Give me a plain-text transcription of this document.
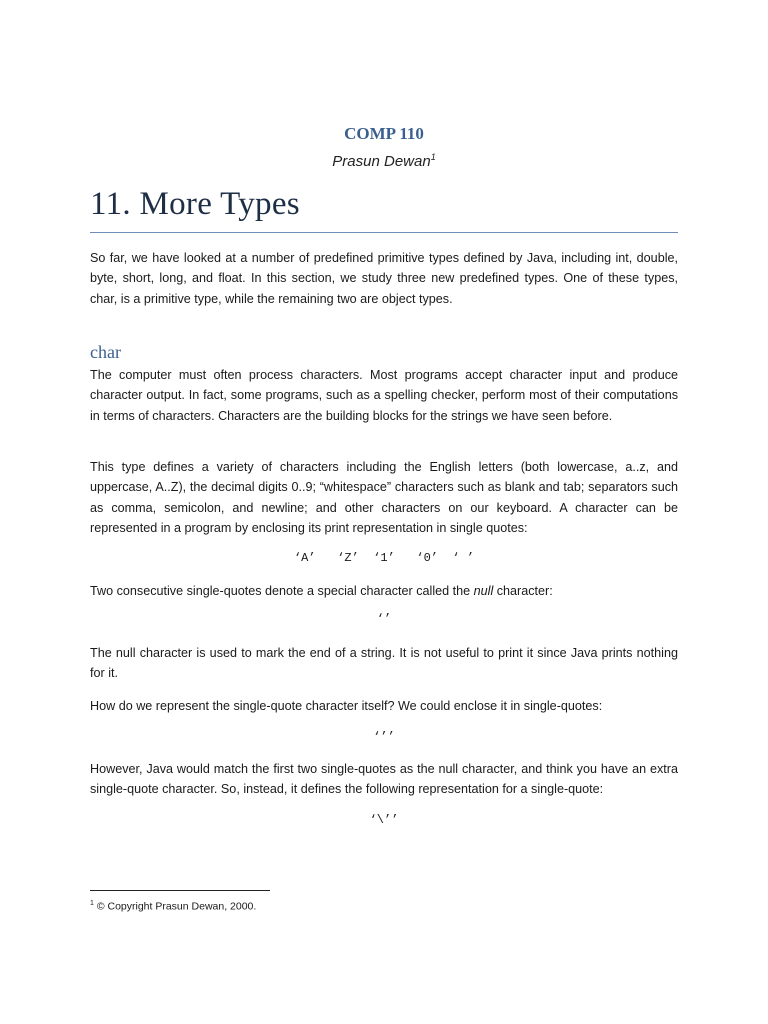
COMP 110
Prasun Dewan$^1$
11. More Types
So far, we have looked at a number of predefined primitive types defined by Java, including int, double, byte, short, long, and float. In this section, we study three new predefined types. One of these types, char, is a primitive type, while the remaining two are object types.
char
The computer must often process characters. Most programs accept character input and produce character output. In fact, some programs, such as a spelling checker, perform most of their computations in terms of characters. Characters are the building blocks for the strings we have seen before.
This type defines a variety of characters including the English letters (both lowercase, a..z, and uppercase, A..Z), the decimal digits 0..9; “whitespace” characters such as blank and tab; separators such as comma, semicolon, and newline; and other characters on our keyboard. A character can be represented in a program by enclosing its print representation in single quotes:
‘A’   ‘Z’  ‘1’   ‘0’  ‘ ’
Two consecutive single-quotes denote a special character called the null character:
‘’
The null character is used to mark the end of a string. It is not useful to print it since Java prints nothing for it.
How do we represent the single-quote character itself? We could enclose it in single-quotes:
‘’’
However, Java would match the first two single-quotes as the null character, and think you have an extra single-quote character. So, instead, it defines the following representation for a single-quote:
‘\’’
$^1$ © Copyright Prasun Dewan, 2000.
